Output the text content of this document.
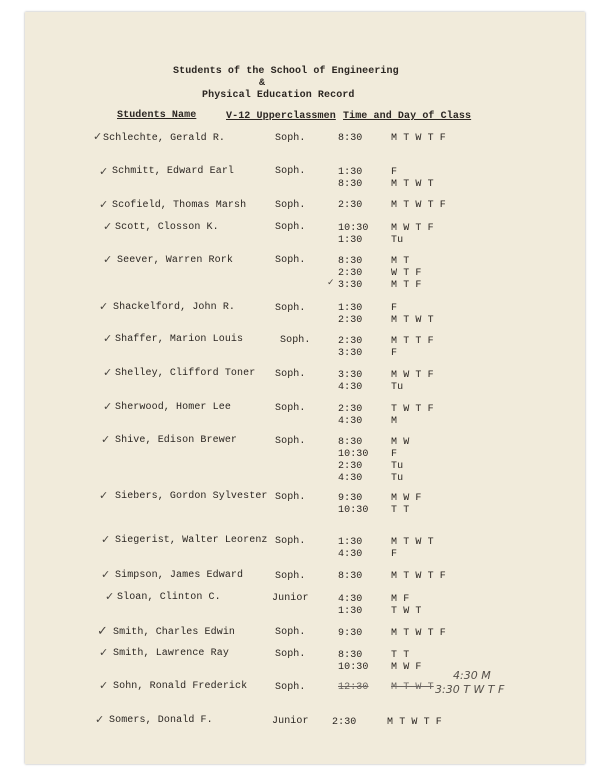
Students of the School of Engineering
&
Physical Education Record
Students Name	V-12 Upperclassmen Time and Day of Class
✓ Schlechte, Gerald R.	Soph.	8:30	M T W T F
✓ Schmitt, Edward Earl	Soph.	1:30	F
8:30	M T W T
✓ Scofield, Thomas Marsh	Soph.	2:30	M T W T F
✓ Scott, Closson K.	Soph.	10:30 M W T F
1:30	Tu
✓ Seever, Warren Rork	Soph.	8:30	M T
2:30	W T F
✓ 3:30	M T F
✓ Shackelford, John R.	Soph.	1:30	F
2:30	M T W T
✓ Shaffer, Marion Louis	Soph.	2:30	M T T F
3:30	F
✓ Shelley, Clifford Toner Soph.	3:30	M W T F
4:30	Tu
✓ Sherwood, Homer Lee	Soph.	2:30	T W T F
4:30	M
✓ Shive, Edison Brewer	Soph.	8:30	M W
10:30 F
2:30	Tu
4:30	Tu
✓ Siebers, Gordon Sylvester Soph.	9:30	M W F
10:30 T T
✓ Siegerist, Walter Leorenz Soph.	1:30	M T W T
4:30	F
✓ Simpson, James Edward	Soph.	8:30	M T W T F
✓ Sloan, Clinton C.	Junior	4:30	M F
1:30	T W T
✓ Smith, Charles Edwin	Soph.	9:30	M T W T F
✓ Smith, Lawrence Ray	Soph.	8:30	T T
10:30 M W F
✓ Sohn, Ronald Frederick	Soph.	12:30 M T W T
4:30 M
3:30 T W T F
✓ Somers, Donald F.	Junior 2:30	M T W T F
